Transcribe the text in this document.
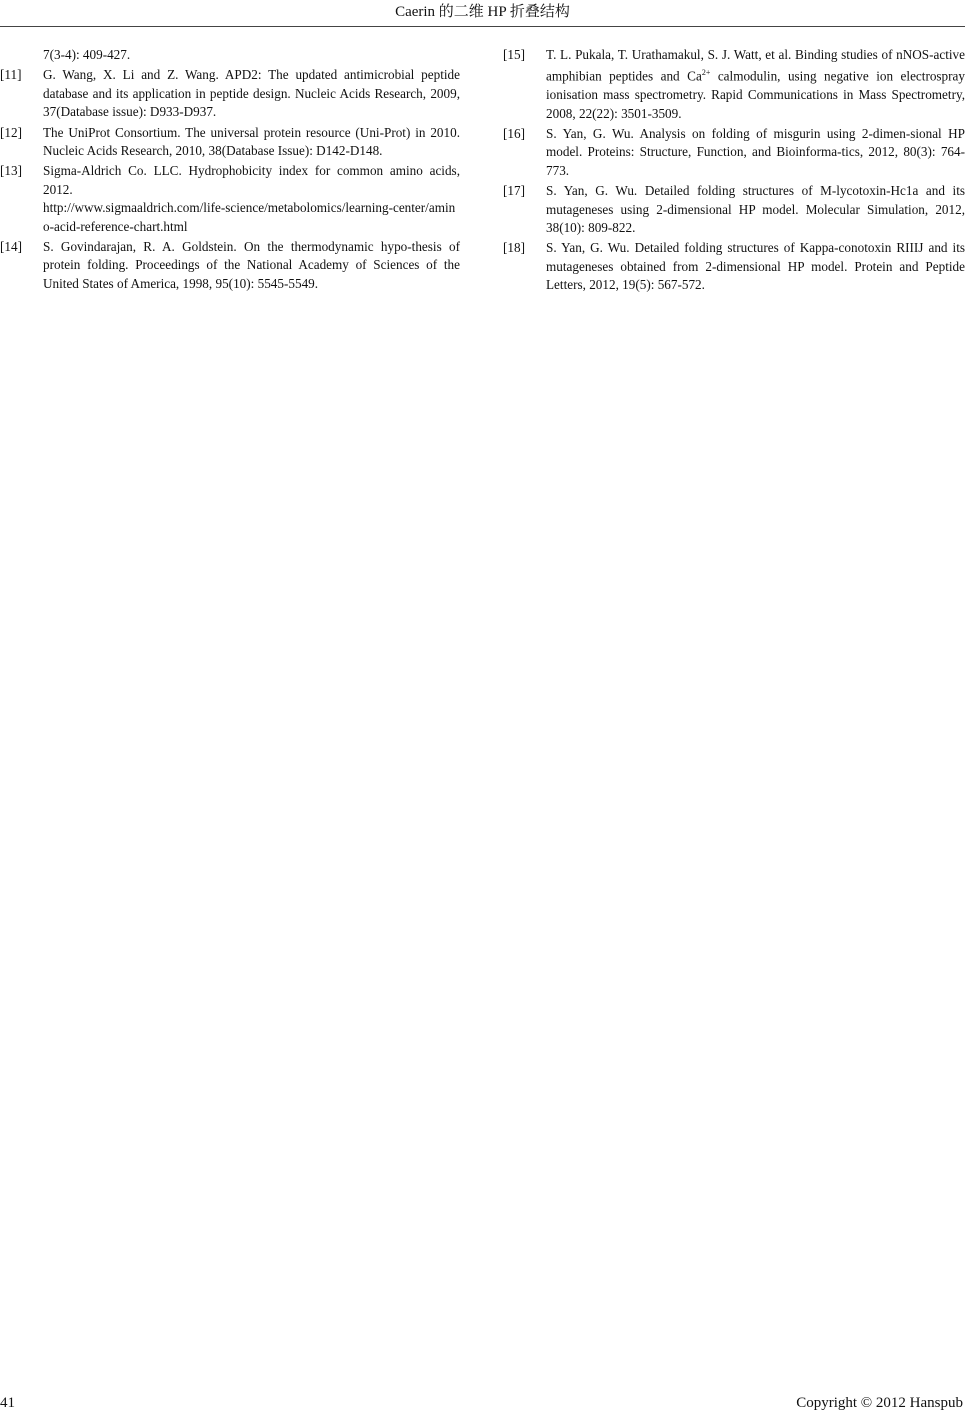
Caerin 的二维 HP 折叠结构
7(3-4): 409-427.
[11] G. Wang, X. Li and Z. Wang. APD2: The updated antimicrobial peptide database and its application in peptide design. Nucleic Acids Research, 2009, 37(Database issue): D933-D937.
[12] The UniProt Consortium. The universal protein resource (Uni-Prot) in 2010. Nucleic Acids Research, 2010, 38(Database Issue): D142-D148.
[13] Sigma-Aldrich Co. LLC. Hydrophobicity index for common amino acids, 2012.
http://www.sigmaaldrich.com/life-science/metabolomics/learning-center/amino-acid-reference-chart.html
[14] S. Govindarajan, R. A. Goldstein. On the thermodynamic hypo-thesis of protein folding. Proceedings of the National Academy of Sciences of the United States of America, 1998, 95(10): 5545-5549.
[15] T. L. Pukala, T. Urathamakul, S. J. Watt, et al. Binding studies of nNOS-active amphibian peptides and $Ca^{2+}$ calmodulin, using negative ion electrospray ionisation mass spectrometry. Rapid Communications in Mass Spectrometry, 2008, 22(22): 3501-3509.
[16] S. Yan, G. Wu. Analysis on folding of misgurin using 2-dimen-sional HP model. Proteins: Structure, Function, and Bioinforma-tics, 2012, 80(3): 764-773.
[17] S. Yan, G. Wu. Detailed folding structures of M-lycotoxin-Hc1a and its mutageneses using 2-dimensional HP model. Molecular Simulation, 2012, 38(10): 809-822.
[18] S. Yan, G. Wu. Detailed folding structures of Kappa-conotoxin RIIIJ and its mutageneses obtained from 2-dimensional HP model. Protein and Peptide Letters, 2012, 19(5): 567-572.
41	Copyright © 2012 Hanspub
